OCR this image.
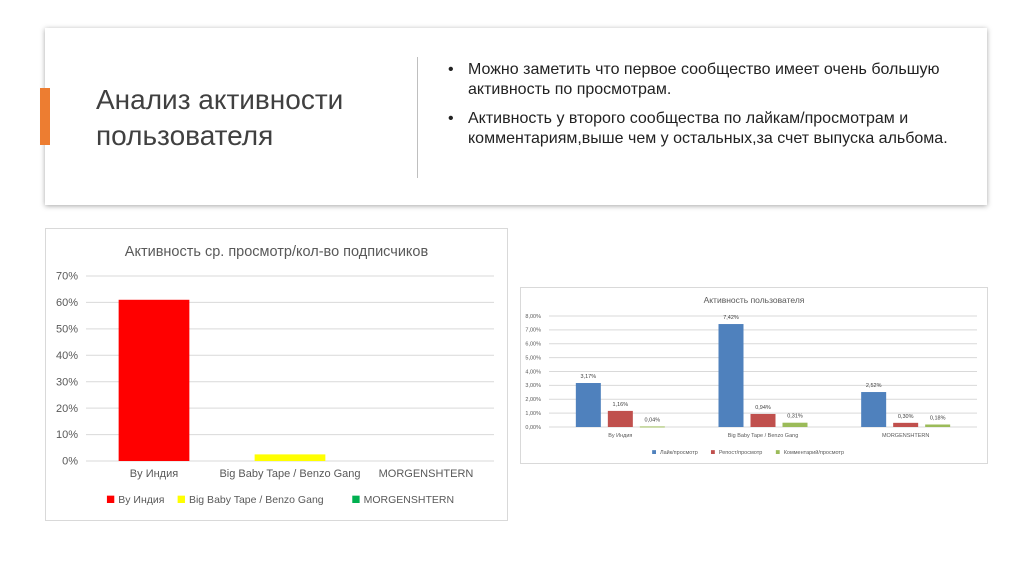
Анализ активности
пользователя
• Можно заметить что первое сообщество имеет очень большую активность по просмотрам.
• Активность у второго сообщества по лайкам/просмотрам и комментариям,выше чем у остальных,за счет выпуска альбома.
Активность ср. просмотр/кол-во подписчиков
0%
10%
20%
30%
40%
50%
60%
70%
By Индия	Big Baby Tape / Benzo Gang MORGENSHTERN
By Индия Big Baby Tape / Benzo Gang	MORGENSHTERN
Активность пользователя
0,00%
1,00%
2,00%
3,00%
4,00%
5,00%
6,00%
7,00%
8,00%
By Индия	Big Baby Tape / Benzo Gang	MORGENSHTERN
3,17%
7,42%
2,52%
1,16%
0,94%
0,30%
0,04%
0,31%	0,18%
Лайк/просмотр	Репост/просмотр	Комментарий/просмотр
